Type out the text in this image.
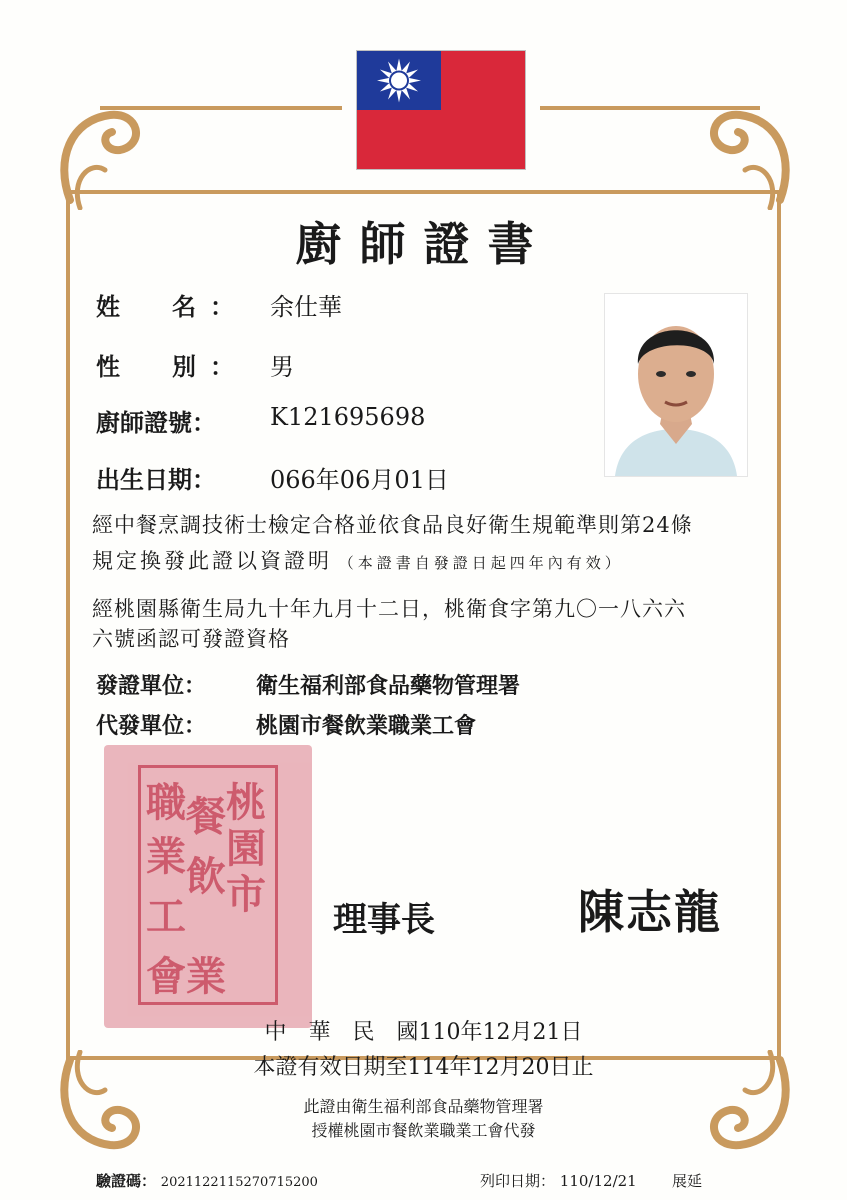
廚師證書
姓　名： 余仕華
性　別： 男
廚師證號： K121695698
出生日期： 066年06月01日
經中餐烹調技術士檢定合格並依食品良好衛生規範準則第24條
規定換發此證以資證明 （本證書自發證日起四年內有效）
經桃園縣衛生局九十年九月十二日，桃衛食字第九〇一八六六
六號函認可發證資格
發證單位： 衛生福利部食品藥物管理署
代發單位： 桃園市餐飲業職業工會
桃
園
市
餐
飲
業
職
業
工
會
理事長	陳志龍
中　華　民　國110年12月21日
本證有效日期至114年12月20日止
此證由衛生福利部食品藥物管理署
授權桃園市餐飲業職業工會代發
驗證碼： 2021122115270715200	列印日期： 110/12/21 展延
